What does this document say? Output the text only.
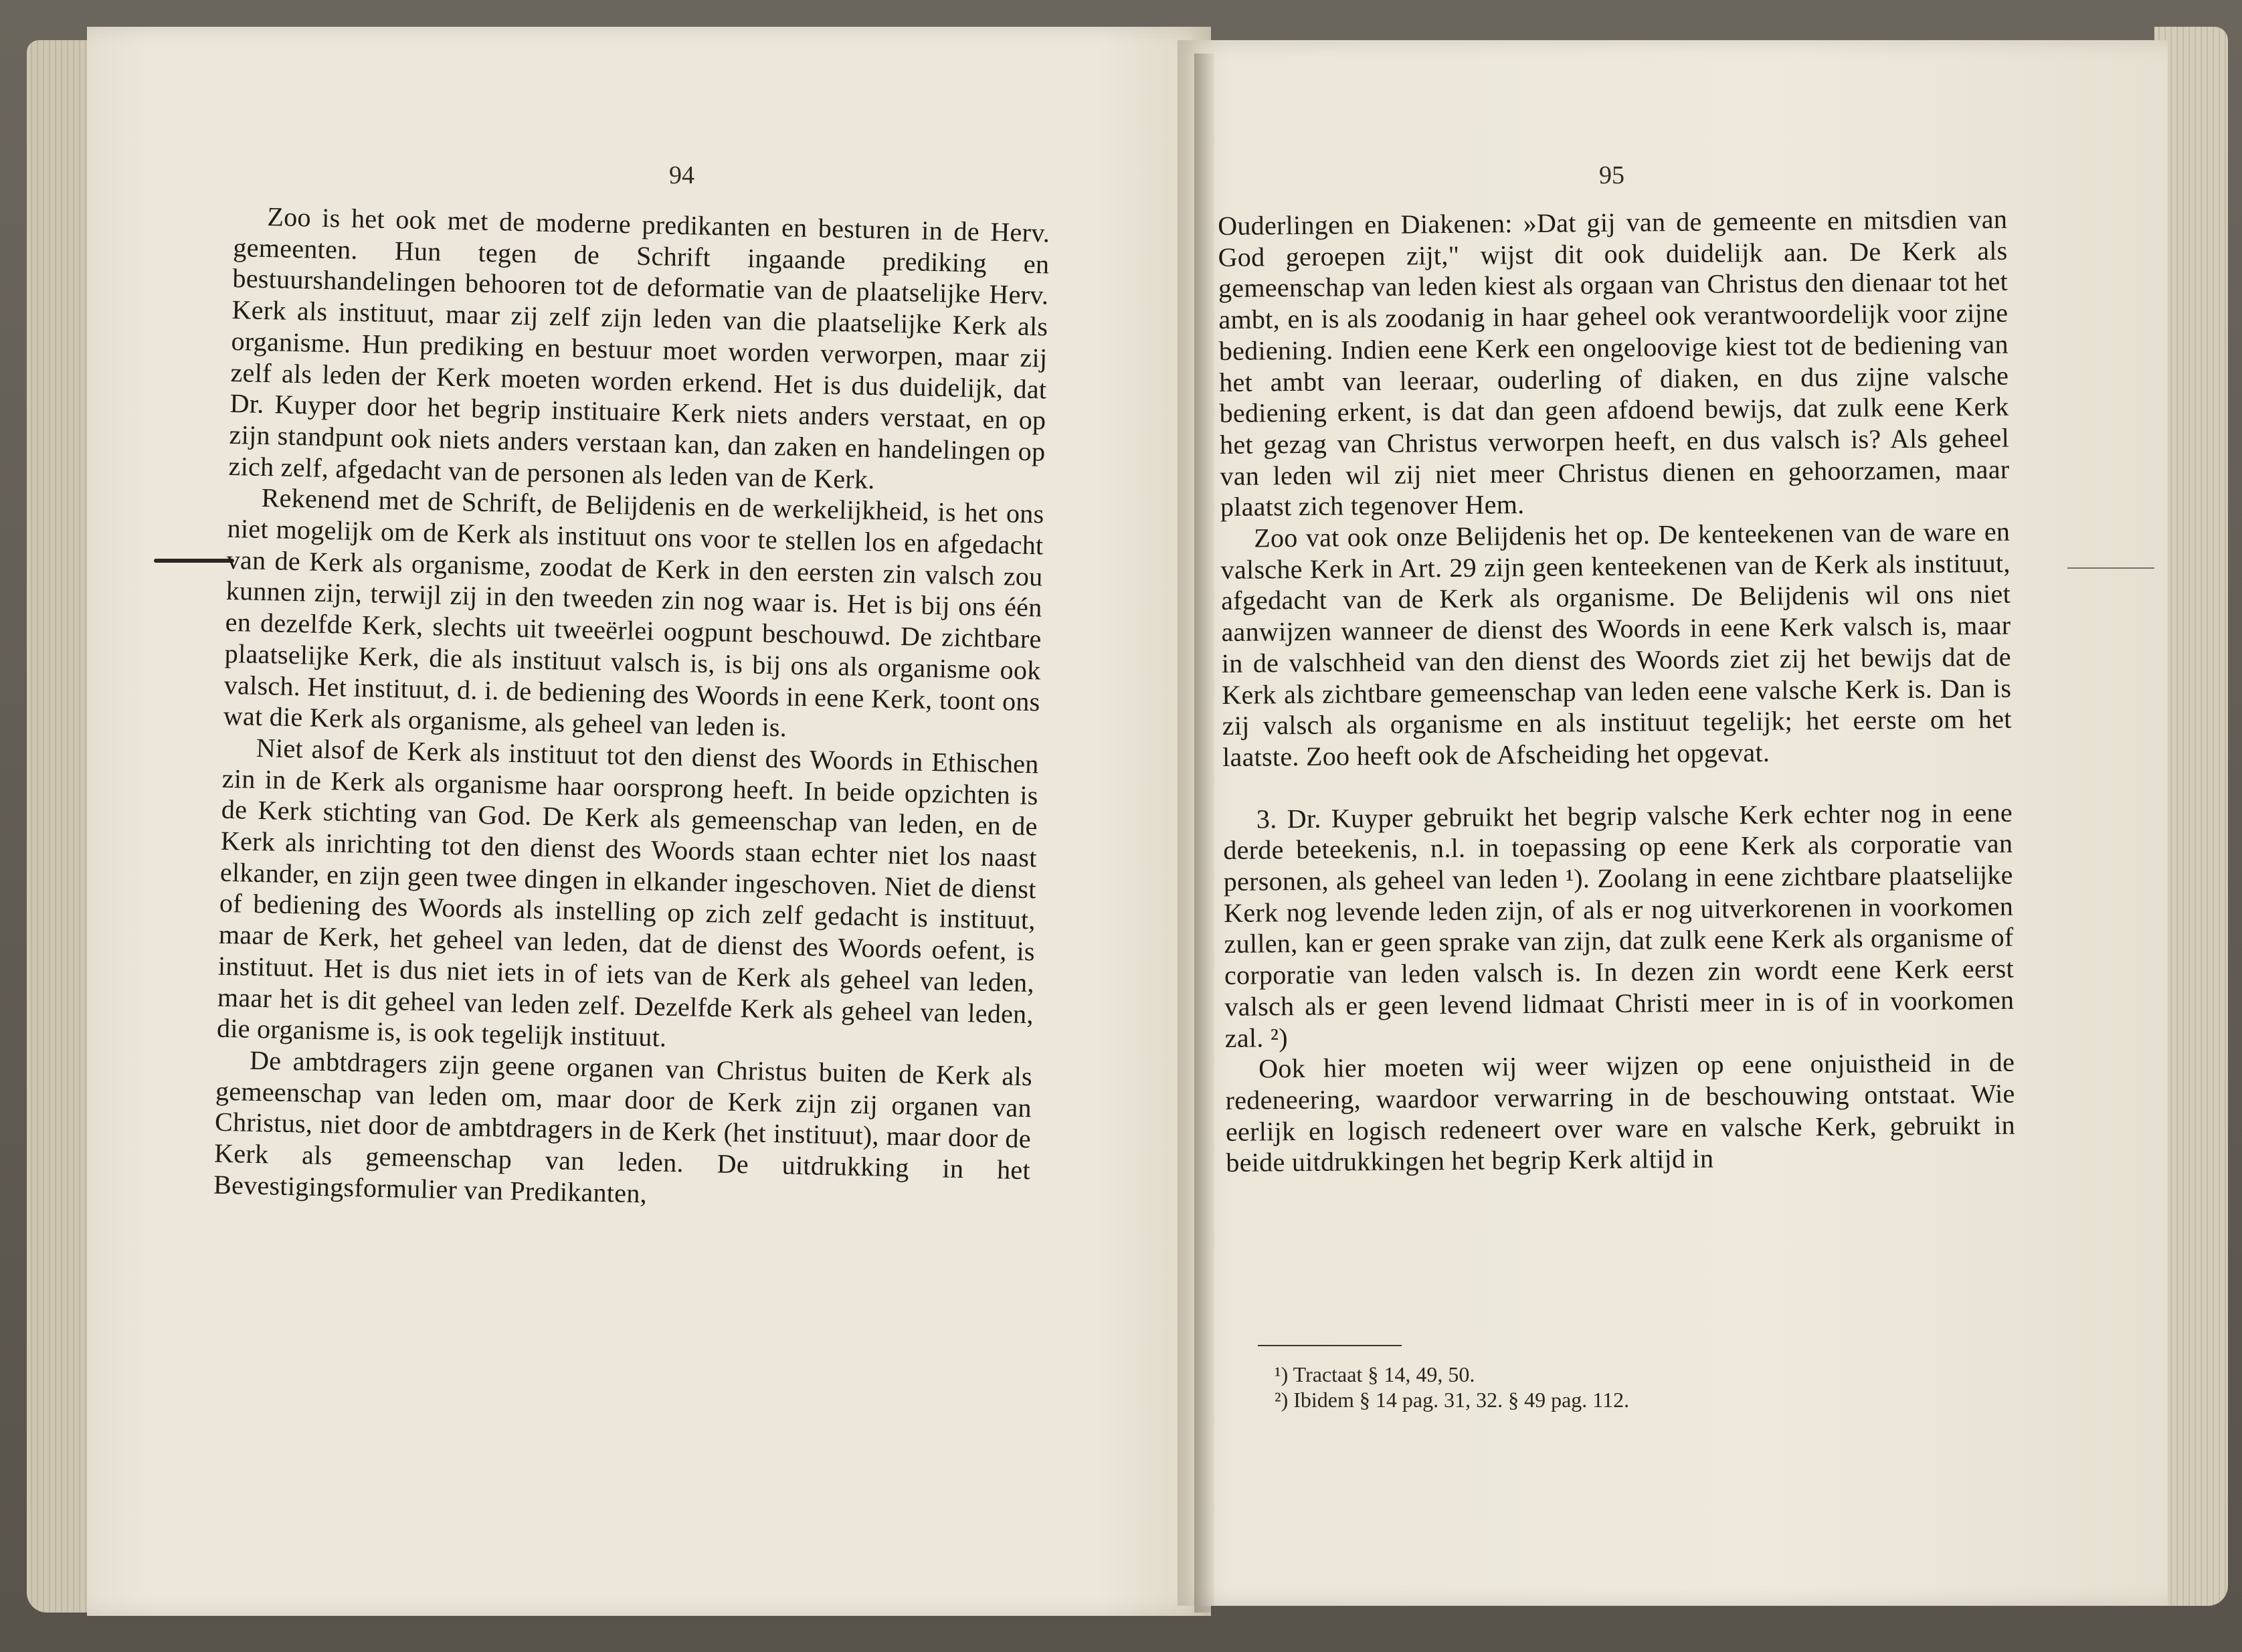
94	95

Zoo is het ook met de moderne predikanten en besturen in de Herv. gemeenten. Hun tegen de Schrift ingaande prediking en bestuurshandelingen behooren tot de deformatie van de plaatselijke Herv. Kerk als instituut, maar zij zelf zijn leden van die plaatselijke Kerk als organisme. Hun prediking en bestuur moet worden verworpen, maar zij zelf als leden der Kerk moeten worden erkend. Het is dus duidelijk, dat Dr. Kuyper door het begrip instituaire Kerk niets anders verstaat, en op zijn standpunt ook niets anders verstaan kan, dan zaken en handelingen op zich zelf, afgedacht van de personen als leden van de Kerk.

Rekenend met de Schrift, de Belijdenis en de werkelijkheid, is het ons niet mogelijk om de Kerk als instituut ons voor te stellen los en afgedacht van de Kerk als organisme, zoodat de Kerk in den eersten zin valsch zou kunnen zijn, terwijl zij in den tweeden zin nog waar is. Het is bij ons één en dezelfde Kerk, slechts uit tweeërlei oogpunt beschouwd. De zichtbare plaatselijke Kerk, die als instituut valsch is, is bij ons als organisme ook valsch. Het instituut, d. i. de bediening des Woords in eene Kerk, toont ons wat die Kerk als organisme, als geheel van leden is.

Niet alsof de Kerk als instituut tot den dienst des Woords in Ethischen zin in de Kerk als organisme haar oorsprong heeft. In beide opzichten is de Kerk stichting van God. De Kerk als gemeenschap van leden, en de Kerk als inrichting tot den dienst des Woords staan echter niet los naast elkander, en zijn geen twee dingen in elkander ingeschoven. Niet de dienst of bediening des Woords als instelling op zich zelf gedacht is instituut, maar de Kerk, het geheel van leden, dat de dienst des Woords oefent, is instituut. Het is dus niet iets in of iets van de Kerk als geheel van leden, maar het is dit geheel van leden zelf. Dezelfde Kerk als geheel van leden, die organisme is, is ook tegelijk instituut.

De ambtdragers zijn geene organen van Christus buiten de Kerk als gemeenschap van leden om, maar door de Kerk zijn zij organen van Christus, niet door de ambtdragers in de Kerk (het instituut), maar door de Kerk als gemeenschap van leden. De uitdrukking in het Bevestigingsformulier van Predikanten,

Ouderlingen en Diakenen: »Dat gij van de gemeente en mitsdien van God geroepen zijt," wijst dit ook duidelijk aan. De Kerk als gemeenschap van leden kiest als orgaan van Christus den dienaar tot het ambt, en is als zoodanig in haar geheel ook verantwoordelijk voor zijne bediening. Indien eene Kerk een ongeloovige kiest tot de bediening van het ambt van leeraar, ouderling of diaken, en dus zijne valsche bediening erkent, is dat dan geen afdoend bewijs, dat zulk eene Kerk het gezag van Christus verworpen heeft, en dus valsch is? Als geheel van leden wil zij niet meer Christus dienen en gehoorzamen, maar plaatst zich tegenover Hem.

Zoo vat ook onze Belijdenis het op. De kenteekenen van de ware en valsche Kerk in Art. 29 zijn geen kenteekenen van de Kerk als instituut, afgedacht van de Kerk als organisme. De Belijdenis wil ons niet aanwijzen wanneer de dienst des Woords in eene Kerk valsch is, maar in de valschheid van den dienst des Woords ziet zij het bewijs dat de Kerk als zichtbare gemeenschap van leden eene valsche Kerk is. Dan is zij valsch als organisme en als instituut tegelijk; het eerste om het laatste. Zoo heeft ook de Afscheiding het opgevat.

3. Dr. Kuyper gebruikt het begrip valsche Kerk echter nog in eene derde beteekenis, n.l. in toepassing op eene Kerk als corporatie van personen, als geheel van leden ¹). Zoolang in eene zichtbare plaatselijke Kerk nog levende leden zijn, of als er nog uitverkorenen in voorkomen zullen, kan er geen sprake van zijn, dat zulk eene Kerk als organisme of corporatie van leden valsch is. In dezen zin wordt eene Kerk eerst valsch als er geen levend lidmaat Christi meer in is of in voorkomen zal. ²)

Ook hier moeten wij weer wijzen op eene onjuistheid in de redeneering, waardoor verwarring in de beschouwing ontstaat. Wie eerlijk en logisch redeneert over ware en valsche Kerk, gebruikt in beide uitdrukkingen het begrip Kerk altijd in

¹) Tractaat § 14, 49, 50.
²) Ibidem § 14 pag. 31, 32. § 49 pag. 112.
